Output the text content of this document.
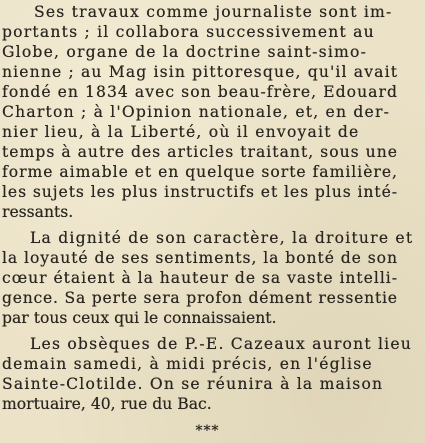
Ses travaux comme journaliste sont im-
portants ; il collabora successivement au
Globe, organe de la doctrine saint-simo-
nienne ; au Mag isin pittoresque, qu'il avait
fondé en 1834 avec son beau-frère, Edouard
Charton ; à l'Opinion nationale, et, en der-
nier lieu, à la Liberté, où il envoyait de
temps à autre des articles traitant, sous une
forme aimable et en quelque sorte familière,
les sujets les plus instructifs et les plus inté-
ressants.
La dignité de son caractère, la droiture et
la loyauté de ses sentiments, la bonté de son
cœur étaient à la hauteur de sa vaste intelli-
gence. Sa perte sera profon dément ressentie
par tous ceux qui le connaissaient.
Les obsèques de P.-E. Cazeaux auront lieu
demain samedi, à midi précis, en l'église
Sainte-Clotilde. On se réunira à la maison
mortuaire, 40, rue du Bac.
***
